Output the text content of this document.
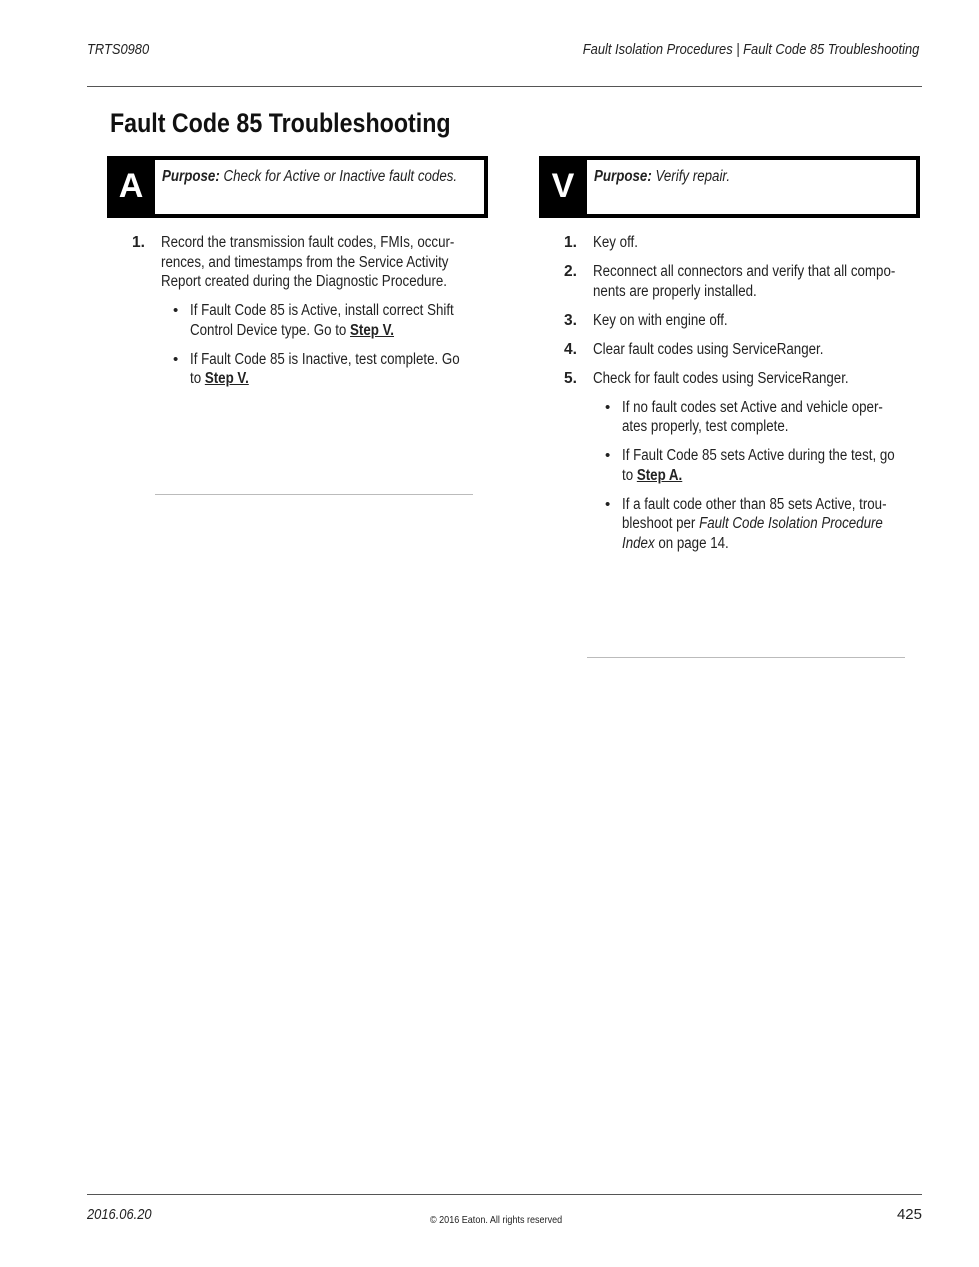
TRTS0980	Fault Isolation Procedures | Fault Code 85 Troubleshooting
Fault Code 85 Troubleshooting
A	Purpose: Check for Active or Inactive fault codes.	V	Purpose: Verify repair.
1. Record the transmission fault codes, FMIs, occur-
rences, and timestamps from the Service Activity
Report created during the Diagnostic Procedure.
• If Fault Code 85 is Active, install correct Shift
Control Device type. Go to Step V.
• If Fault Code 85 is Inactive, test complete. Go
to Step V.
1. Key off.
2. Reconnect all connectors and verify that all compo-
nents are properly installed.
3. Key on with engine off.
4. Clear fault codes using ServiceRanger.
5. Check for fault codes using ServiceRanger.
• If no fault codes set Active and vehicle oper-
ates properly, test complete.
• If Fault Code 85 sets Active during the test, go
to Step A.
• If a fault code other than 85 sets Active, trou-
bleshoot per Fault Code Isolation Procedure
Index on page 14.
2016.06.20	© 2016 Eaton. All rights reserved	425
